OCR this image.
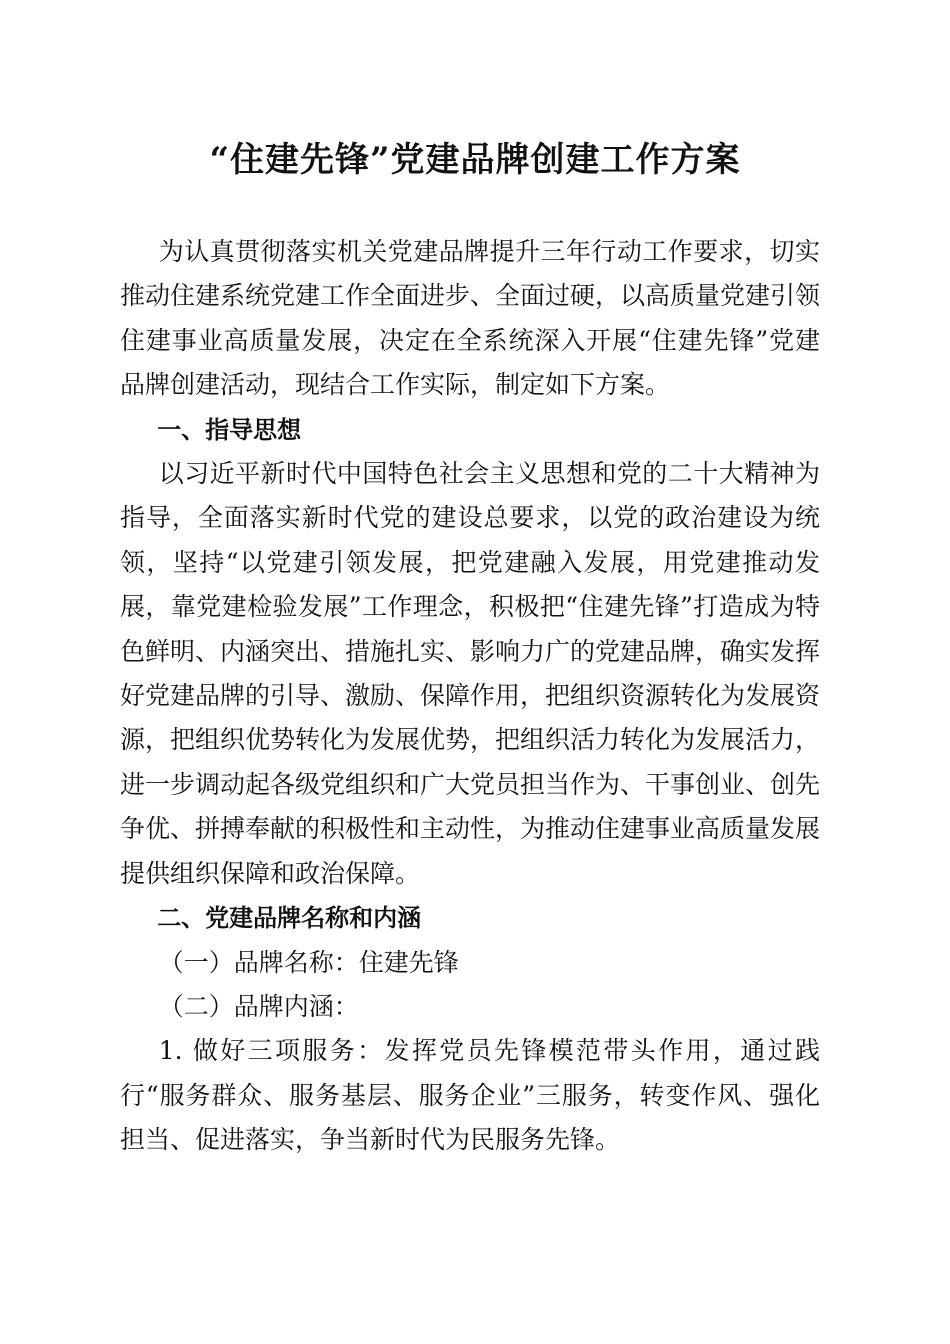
“住建先锋”党建品牌创建工作方案

为认真贯彻落实机关党建品牌提升三年行动工作要求，切实推动住建系统党建工作全面进步、全面过硬，以高质量党建引领住建事业高质量发展，决定在全系统深入开展“住建先锋”党建品牌创建活动，现结合工作实际，制定如下方案。

一、指导思想

以习近平新时代中国特色社会主义思想和党的二十大精神为指导，全面落实新时代党的建设总要求，以党的政治建设为统领，坚持“以党建引领发展，把党建融入发展，用党建推动发展，靠党建检验发展”工作理念，积极把“住建先锋”打造成为特色鲜明、内涵突出、措施扎实、影响力广的党建品牌，确实发挥好党建品牌的引导、激励、保障作用，把组织资源转化为发展资源，把组织优势转化为发展优势，把组织活力转化为发展活力，进一步调动起各级党组织和广大党员担当作为、干事创业、创先争优、拼搏奉献的积极性和主动性，为推动住建事业高质量发展提供组织保障和政治保障。

二、党建品牌名称和内涵

（一）品牌名称：住建先锋

（二）品牌内涵：

1. 做好三项服务：发挥党员先锋模范带头作用，通过践行“服务群众、服务基层、服务企业”三服务，转变作风、强化担当、促进落实，争当新时代为民服务先锋。
